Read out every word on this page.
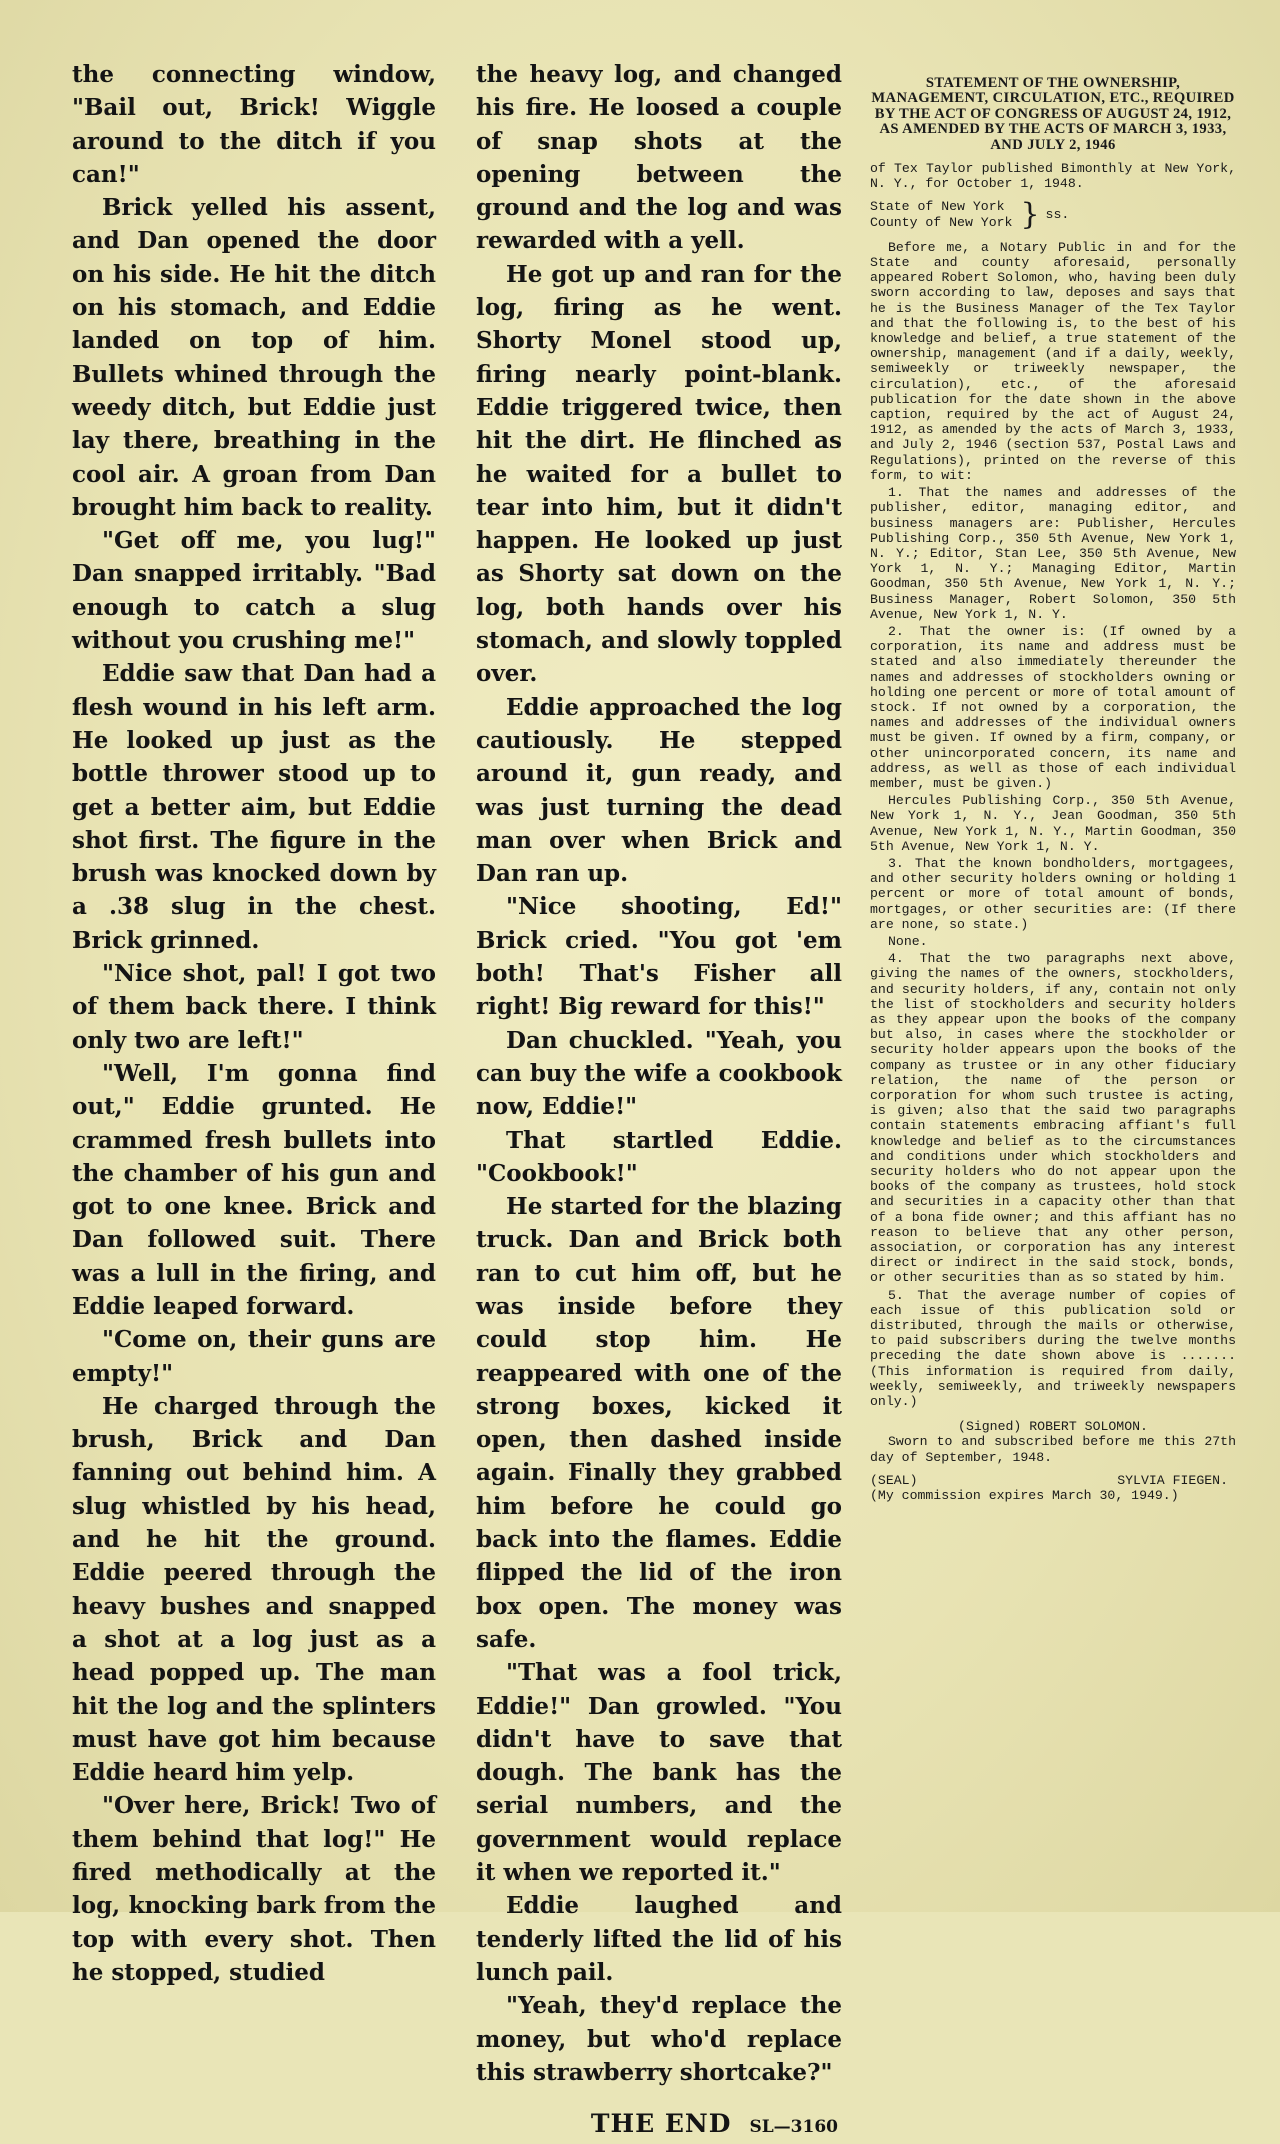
the connecting window, "Bail out, Brick! Wiggle around to the ditch if you can!"

Brick yelled his assent, and Dan opened the door on his side. He hit the ditch on his stomach, and Eddie landed on top of him. Bullets whined through the weedy ditch, but Eddie just lay there, breathing in the cool air. A groan from Dan brought him back to reality.

"Get off me, you lug!" Dan snapped irritably. "Bad enough to catch a slug without you crushing me!"

Eddie saw that Dan had a flesh wound in his left arm. He looked up just as the bottle thrower stood up to get a better aim, but Eddie shot first. The figure in the brush was knocked down by a .38 slug in the chest. Brick grinned.

"Nice shot, pal! I got two of them back there. I think only two are left!"

"Well, I'm gonna find out," Eddie grunted. He crammed fresh bullets into the chamber of his gun and got to one knee. Brick and Dan followed suit. There was a lull in the firing, and Eddie leaped forward.

"Come on, their guns are empty!"

He charged through the brush, Brick and Dan fanning out behind him. A slug whistled by his head, and he hit the ground. Eddie peered through the heavy bushes and snapped a shot at a log just as a head popped up. The man hit the log and the splinters must have got him because Eddie heard him yelp.

"Over here, Brick! Two of them behind that log!" He fired methodically at the log, knocking bark from the top with every shot. Then he stopped, studied

the heavy log, and changed his fire. He loosed a couple of snap shots at the opening between the ground and the log and was rewarded with a yell.

He got up and ran for the log, firing as he went. Shorty Monel stood up, firing nearly point-blank. Eddie triggered twice, then hit the dirt. He flinched as he waited for a bullet to tear into him, but it didn't happen. He looked up just as Shorty sat down on the log, both hands over his stomach, and slowly toppled over.

Eddie approached the log cautiously. He stepped around it, gun ready, and was just turning the dead man over when Brick and Dan ran up.

"Nice shooting, Ed!" Brick cried. "You got 'em both! That's Fisher all right! Big reward for this!"

Dan chuckled. "Yeah, you can buy the wife a cookbook now, Eddie!"

That startled Eddie. "Cookbook!"

He started for the blazing truck. Dan and Brick both ran to cut him off, but he was inside before they could stop him. He reappeared with one of the strong boxes, kicked it open, then dashed inside again. Finally they grabbed him before he could go back into the flames. Eddie flipped the lid of the iron box open. The money was safe.

"That was a fool trick, Eddie!" Dan growled. "You didn't have to save that dough. The bank has the serial numbers, and the government would replace it when we reported it."

Eddie laughed and tenderly lifted the lid of his lunch pail.

"Yeah, they'd replace the money, but who'd replace this strawberry shortcake?"

THE END SL—3160
STATEMENT OF THE OWNERSHIP, MANAGEMENT, CIRCULATION, ETC., REQUIRED BY THE ACT OF CONGRESS OF AUGUST 24, 1912, AS AMENDED BY THE ACTS OF MARCH 3, 1933, AND JULY 2, 1946

of Tex Taylor published Bimonthly at New York, N. Y., for October 1, 1948.

State of New York
County of New York } ss.

Before me, a Notary Public in and for the State and county aforesaid, personally appeared Robert Solomon, who, having been duly sworn according to law, deposes and says that he is the Business Manager of the Tex Taylor and that the following is, to the best of his knowledge and belief, a true statement of the ownership, management (and if a daily, weekly, semiweekly or triweekly newspaper, the circulation), etc., of the aforesaid publication for the date shown in the above caption, required by the act of August 24, 1912, as amended by the acts of March 3, 1933, and July 2, 1946 (section 537, Postal Laws and Regulations), printed on the reverse of this form, to wit:

1. That the names and addresses of the publisher, editor, managing editor, and business managers are: Publisher, Hercules Publishing Corp., 350 5th Avenue, New York 1, N. Y.; Editor, Stan Lee, 350 5th Avenue, New York 1, N. Y.; Managing Editor, Martin Goodman, 350 5th Avenue, New York 1, N. Y.; Business Manager, Robert Solomon, 350 5th Avenue, New York 1, N. Y.

2. That the owner is: (If owned by a corporation, its name and address must be stated and also immediately thereunder the names and addresses of stockholders owning or holding one percent or more of total amount of stock. If not owned by a corporation, the names and addresses of the individual owners must be given. If owned by a firm, company, or other unincorporated concern, its name and address, as well as those of each individual member, must be given.)

Hercules Publishing Corp., 350 5th Avenue, New York 1, N. Y., Jean Goodman, 350 5th Avenue, New York 1, N. Y., Martin Goodman, 350 5th Avenue, New York 1, N. Y.

3. That the known bondholders, mortgagees, and other security holders owning or holding 1 percent or more of total amount of bonds, mortgages, or other securities are: (If there are none, so state.)

None.

4. That the two paragraphs next above, giving the names of the owners, stockholders, and security holders, if any, contain not only the list of stockholders and security holders as they appear upon the books of the company but also, in cases where the stockholder or security holder appears upon the books of the company as trustee or in any other fiduciary relation, the name of the person or corporation for whom such trustee is acting, is given; also that the said two paragraphs contain statements embracing affiant's full knowledge and belief as to the circumstances and conditions under which stockholders and security holders who do not appear upon the books of the company as trustees, hold stock and securities in a capacity other than that of a bona fide owner; and this affiant has no reason to believe that any other person, association, or corporation has any interest direct or indirect in the said stock, bonds, or other securities than as so stated by him.

5. That the average number of copies of each issue of this publication sold or distributed, through the mails or otherwise, to paid subscribers during the twelve months preceding the date shown above is ....... (This information is required from daily, weekly, semiweekly, and triweekly newspapers only.)

(Signed) ROBERT SOLOMON.

Sworn to and subscribed before me this 27th day of September, 1948.

(SEAL)	SYLVIA FIEGEN.

(My commission expires March 30, 1949.)
